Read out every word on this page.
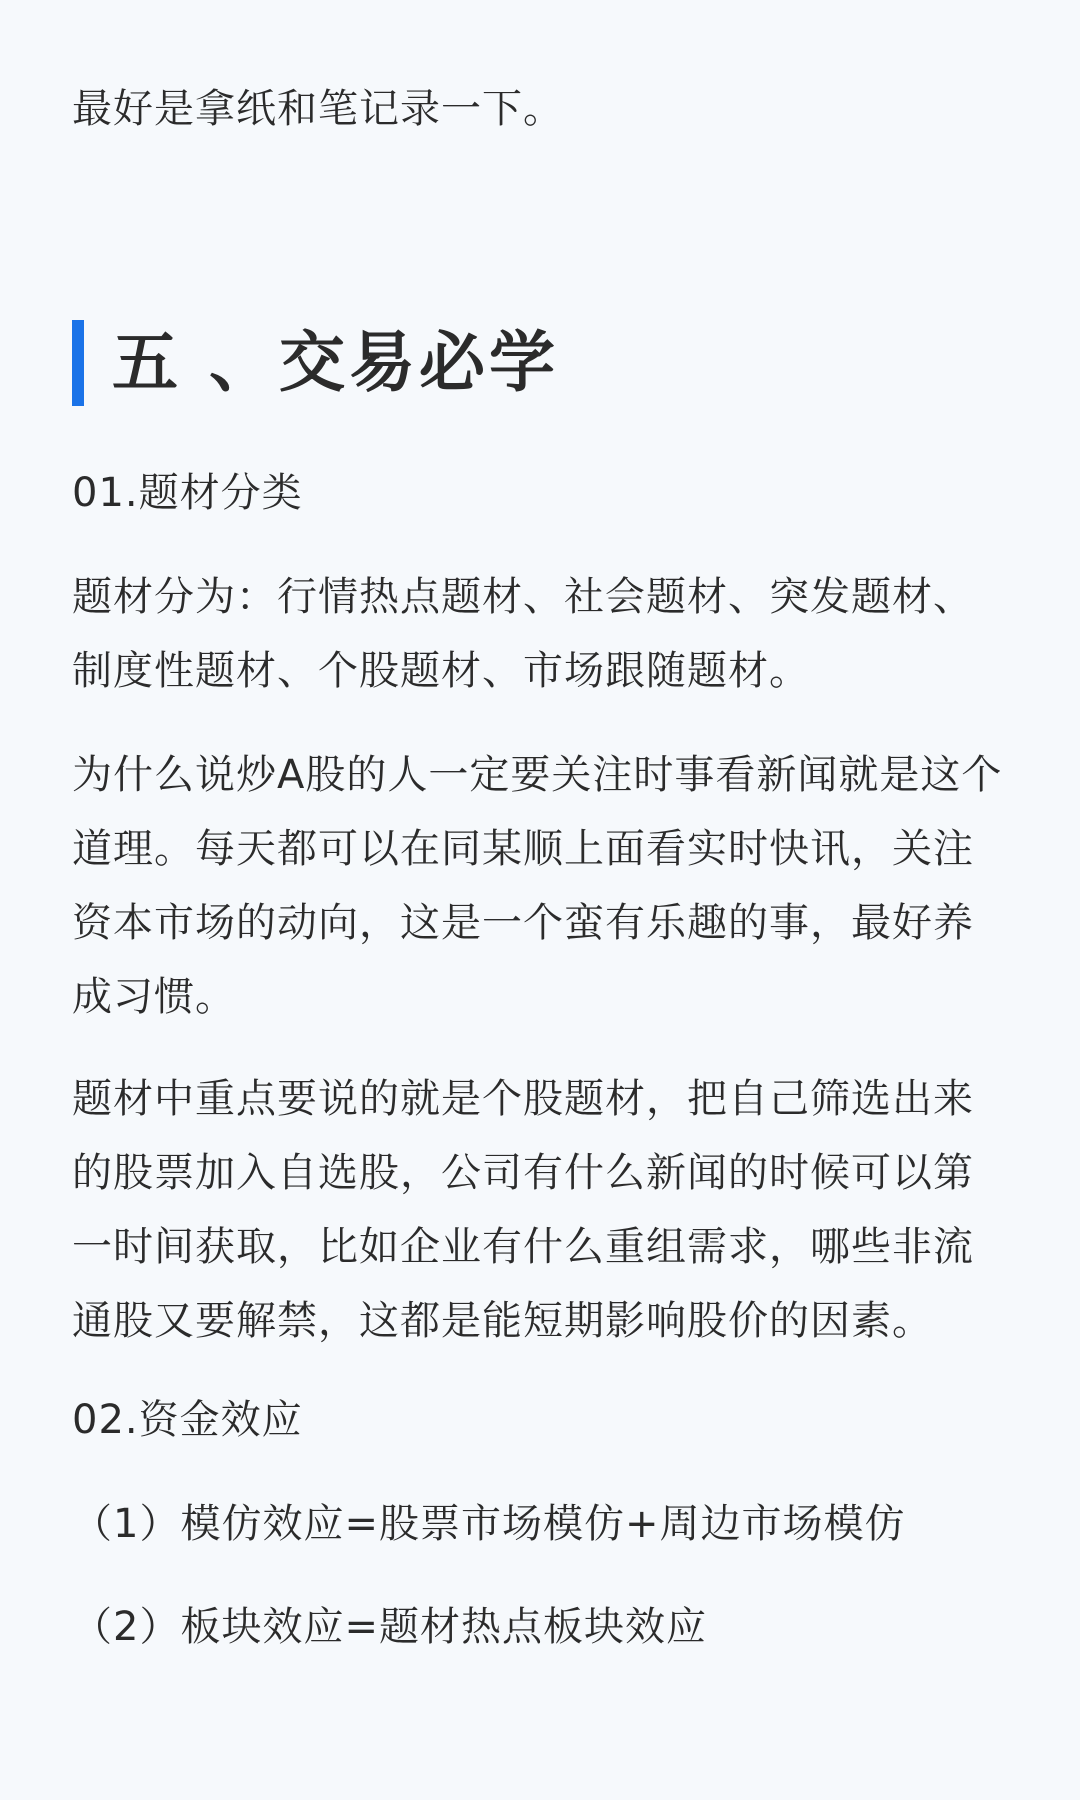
最好是拿纸和笔记录一下。

五 、交易必学

01.题材分类

题材分为：行情热点题材、社会题材、突发题材、制度性题材、个股题材、市场跟随题材。

为什么说炒A股的人一定要关注时事看新闻就是这个道理。每天都可以在同某顺上面看实时快讯，关注资本市场的动向，这是一个蛮有乐趣的事，最好养成习惯。

题材中重点要说的就是个股题材，把自己筛选出来的股票加入自选股，公司有什么新闻的时候可以第一时间获取，比如企业有什么重组需求，哪些非流通股又要解禁，这都是能短期影响股价的因素。

02.资金效应

（1）模仿效应=股票市场模仿+周边市场模仿

（2）板块效应=题材热点板块效应
